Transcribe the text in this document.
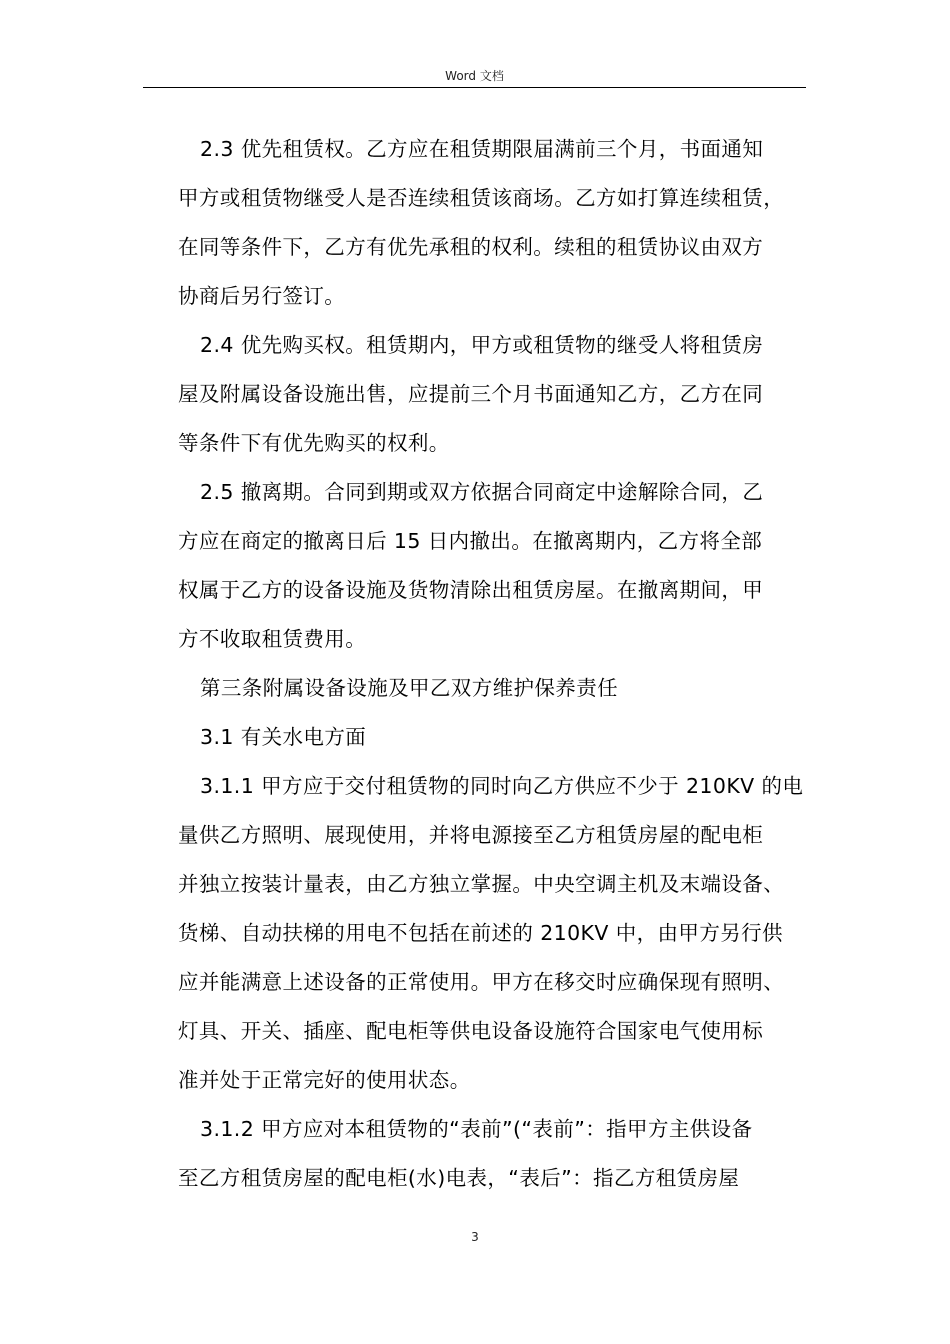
Word 文档

2.3 优先租赁权。乙方应在租赁期限届满前三个月，书面通知
甲方或租赁物继受人是否连续租赁该商场。乙方如打算连续租赁，
在同等条件下，乙方有优先承租的权利。续租的租赁协议由双方
协商后另行签订。

2.4 优先购买权。租赁期内，甲方或租赁物的继受人将租赁房
屋及附属设备设施出售，应提前三个月书面通知乙方，乙方在同
等条件下有优先购买的权利。

2.5 撤离期。合同到期或双方依据合同商定中途解除合同，乙
方应在商定的撤离日后 15 日内撤出。在撤离期内，乙方将全部
权属于乙方的设备设施及货物清除出租赁房屋。在撤离期间，甲
方不收取租赁费用。

第三条附属设备设施及甲乙双方维护保养责任

3.1 有关水电方面

3.1.1 甲方应于交付租赁物的同时向乙方供应不少于 210KV 的电
量供乙方照明、展现使用，并将电源接至乙方租赁房屋的配电柜
并独立按装计量表，由乙方独立掌握。中央空调主机及末端设备、
货梯、自动扶梯的用电不包括在前述的 210KV 中，由甲方另行供
应并能满意上述设备的正常使用。甲方在移交时应确保现有照明、
灯具、开关、插座、配电柜等供电设备设施符合国家电气使用标
准并处于正常完好的使用状态。

3.1.2 甲方应对本租赁物的“表前”(“表前”：指甲方主供设备
至乙方租赁房屋的配电柜(水)电表，“表后”：指乙方租赁房屋

3
